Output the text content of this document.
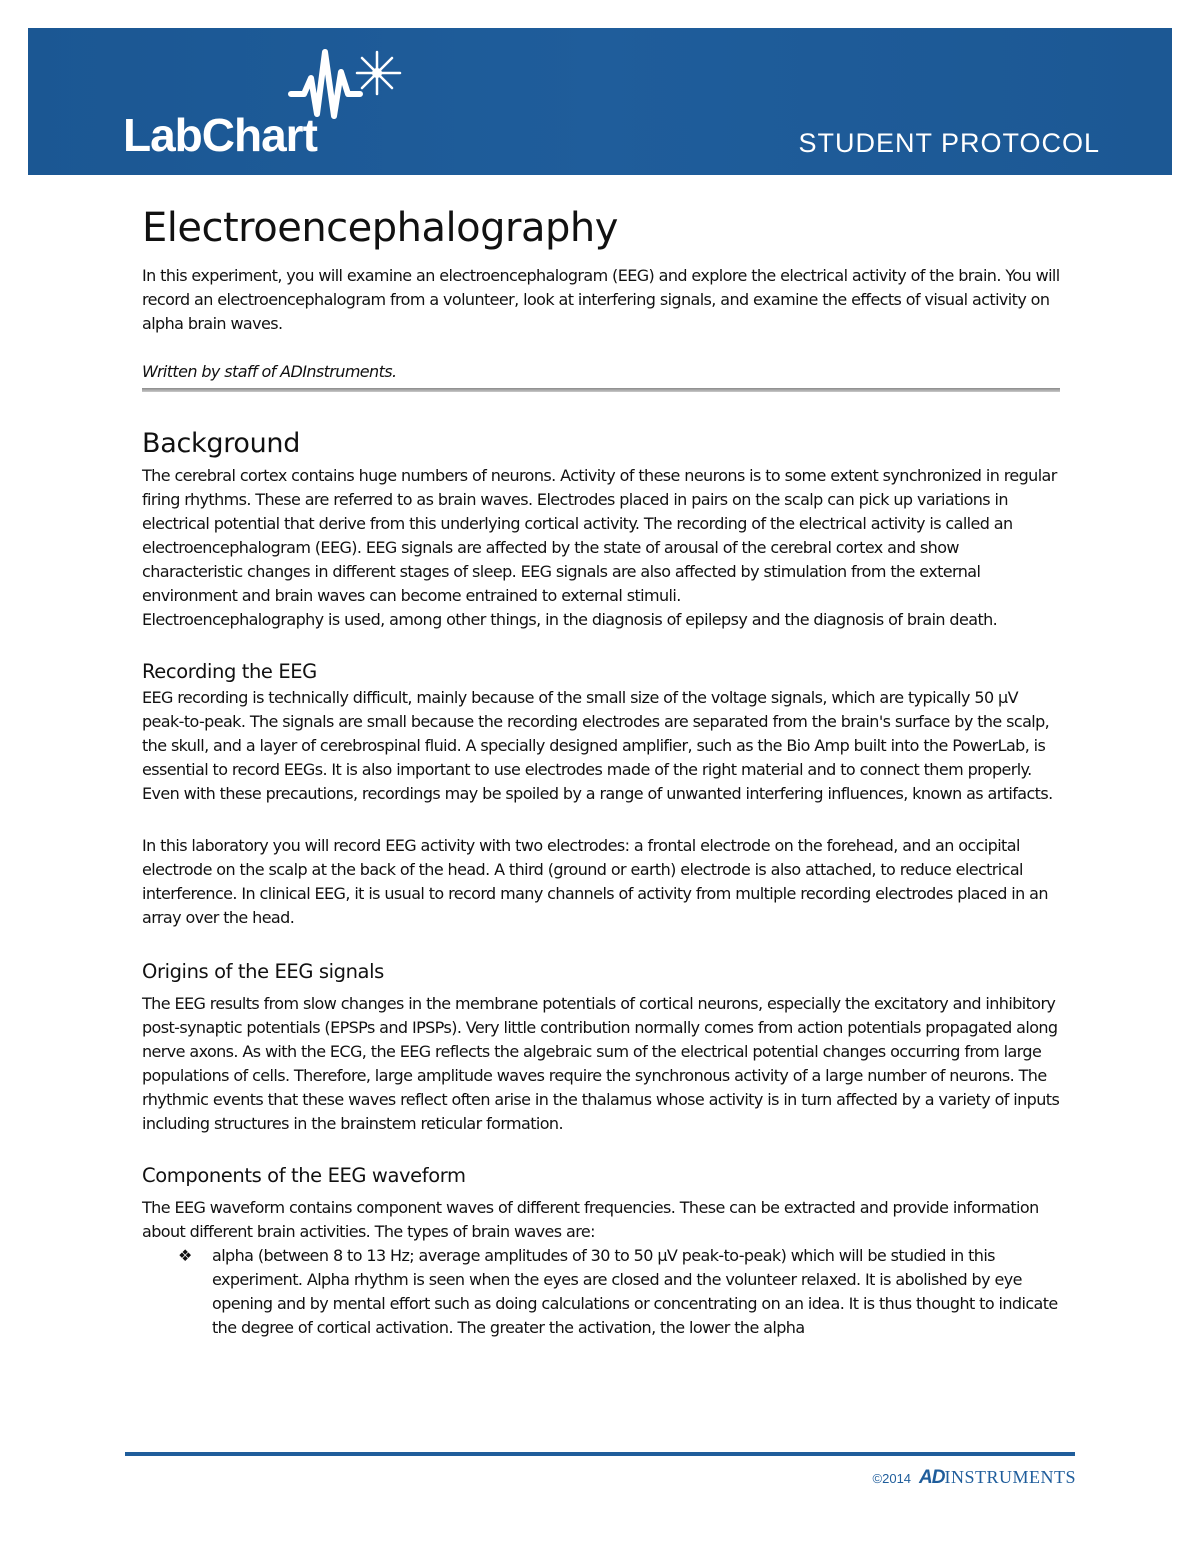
LabChart	STUDENT PROTOCOL
Electroencephalography

In this experiment, you will examine an electroencephalogram (EEG) and explore the electrical activity of the brain. You will record an electroencephalogram from a volunteer, look at interfering signals, and examine the effects of visual activity on alpha brain waves.

Written by staff of ADInstruments.

Background

The cerebral cortex contains huge numbers of neurons. Activity of these neurons is to some extent synchronized in regular firing rhythms. These are referred to as brain waves. Electrodes placed in pairs on the scalp can pick up variations in electrical potential that derive from this underlying cortical activity. The recording of the electrical activity is called an electroencephalogram (EEG). EEG signals are affected by the state of arousal of the cerebral cortex and show characteristic changes in different stages of sleep. EEG signals are also affected by stimulation from the external environment and brain waves can become entrained to external stimuli.

Electroencephalography is used, among other things, in the diagnosis of epilepsy and the diagnosis of brain death.

Recording the EEG

EEG recording is technically difficult, mainly because of the small size of the voltage signals, which are typically 50 µV peak-to-peak. The signals are small because the recording electrodes are separated from the brain's surface by the scalp, the skull, and a layer of cerebrospinal fluid. A specially designed amplifier, such as the Bio Amp built into the PowerLab, is essential to record EEGs. It is also important to use electrodes made of the right material and to connect them properly. Even with these precautions, recordings may be spoiled by a range of unwanted interfering influences, known as artifacts.

In this laboratory you will record EEG activity with two electrodes: a frontal electrode on the forehead, and an occipital electrode on the scalp at the back of the head. A third (ground or earth) electrode is also attached, to reduce electrical interference. In clinical EEG, it is usual to record many channels of activity from multiple recording electrodes placed in an array over the head.

Origins of the EEG signals

The EEG results from slow changes in the membrane potentials of cortical neurons, especially the excitatory and inhibitory post-synaptic potentials (EPSPs and IPSPs). Very little contribution normally comes from action potentials propagated along nerve axons. As with the ECG, the EEG reflects the algebraic sum of the electrical potential changes occurring from large populations of cells. Therefore, large amplitude waves require the synchronous activity of a large number of neurons. The rhythmic events that these waves reflect often arise in the thalamus whose activity is in turn affected by a variety of inputs including structures in the brainstem reticular formation.

Components of the EEG waveform

The EEG waveform contains component waves of different frequencies. These can be extracted and provide information about different brain activities. The types of brain waves are:

❖ alpha (between 8 to 13 Hz; average amplitudes of 30 to 50 µV peak-to-peak) which will be studied in this experiment. Alpha rhythm is seen when the eyes are closed and the volunteer relaxed. It is abolished by eye opening and by mental effort such as doing calculations or concentrating on an idea. It is thus thought to indicate the degree of cortical activation. The greater the activation, the lower the alpha

©2014 ADINSTRUMENTS
